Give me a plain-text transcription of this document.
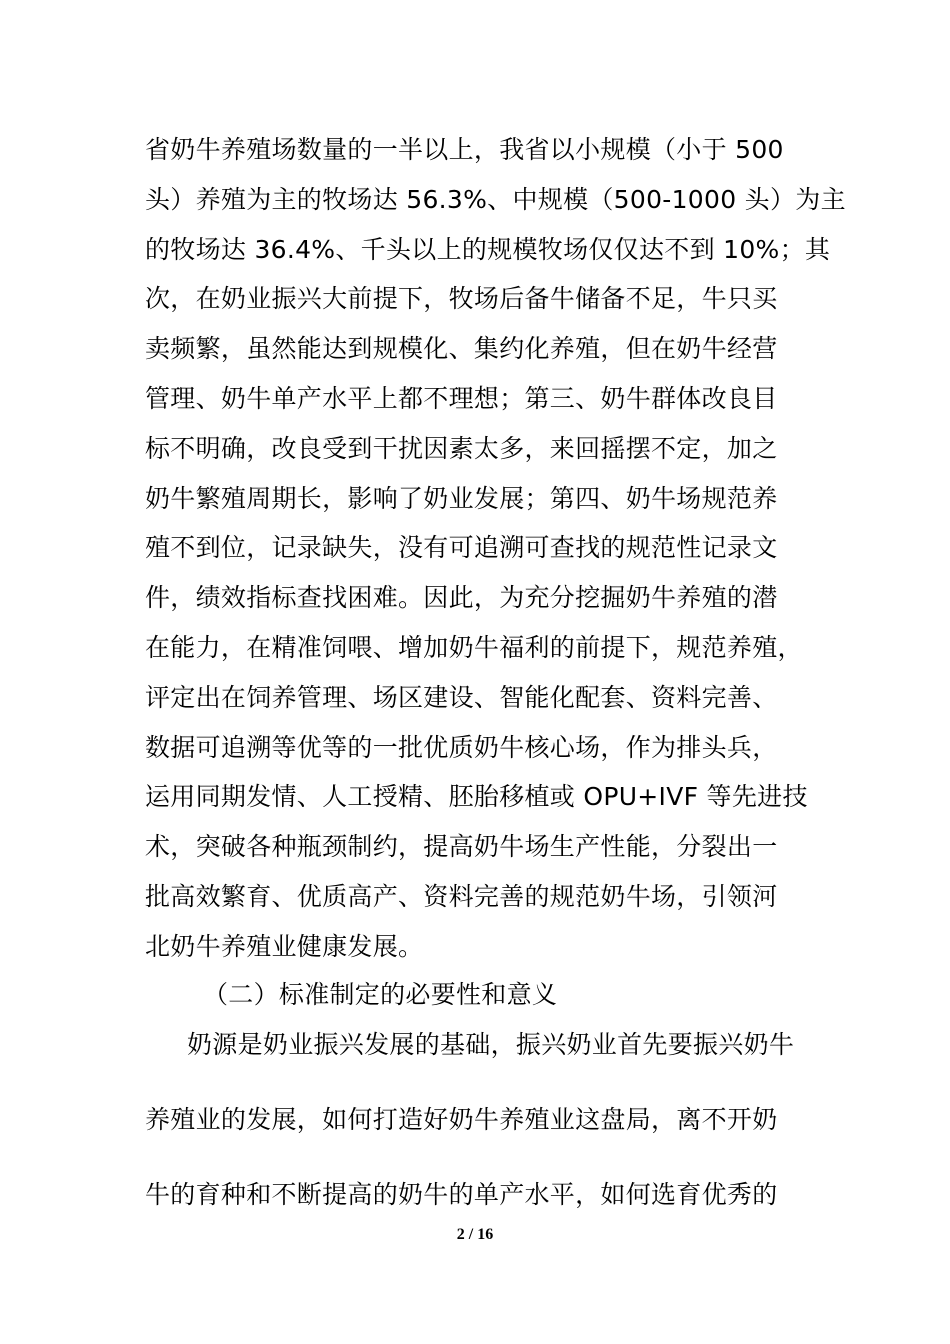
省奶牛养殖场数量的一半以上，我省以小规模（小于 500
头）养殖为主的牧场达 56.3%、中规模（500-1000 头）为主
的牧场达 36.4%、千头以上的规模牧场仅仅达不到 10%；其
次，在奶业振兴大前提下，牧场后备牛储备不足，牛只买
卖频繁，虽然能达到规模化、集约化养殖，但在奶牛经营
管理、奶牛单产水平上都不理想；第三、奶牛群体改良目
标不明确，改良受到干扰因素太多，来回摇摆不定，加之
奶牛繁殖周期长，影响了奶业发展；第四、奶牛场规范养
殖不到位，记录缺失，没有可追溯可查找的规范性记录文
件，绩效指标查找困难。因此，为充分挖掘奶牛养殖的潜
在能力，在精准饲喂、增加奶牛福利的前提下，规范养殖，
评定出在饲养管理、场区建设、智能化配套、资料完善、
数据可追溯等优等的一批优质奶牛核心场，作为排头兵，
运用同期发情、人工授精、胚胎移植或 OPU+IVF 等先进技
术，突破各种瓶颈制约，提高奶牛场生产性能，分裂出一
批高效繁育、优质高产、资料完善的规范奶牛场，引领河
北奶牛养殖业健康发展。
（二）标准制定的必要性和意义
奶源是奶业振兴发展的基础，振兴奶业首先要振兴奶牛
养殖业的发展，如何打造好奶牛养殖业这盘局，离不开奶
牛的育种和不断提高的奶牛的单产水平，如何选育优秀的
2 / 16
